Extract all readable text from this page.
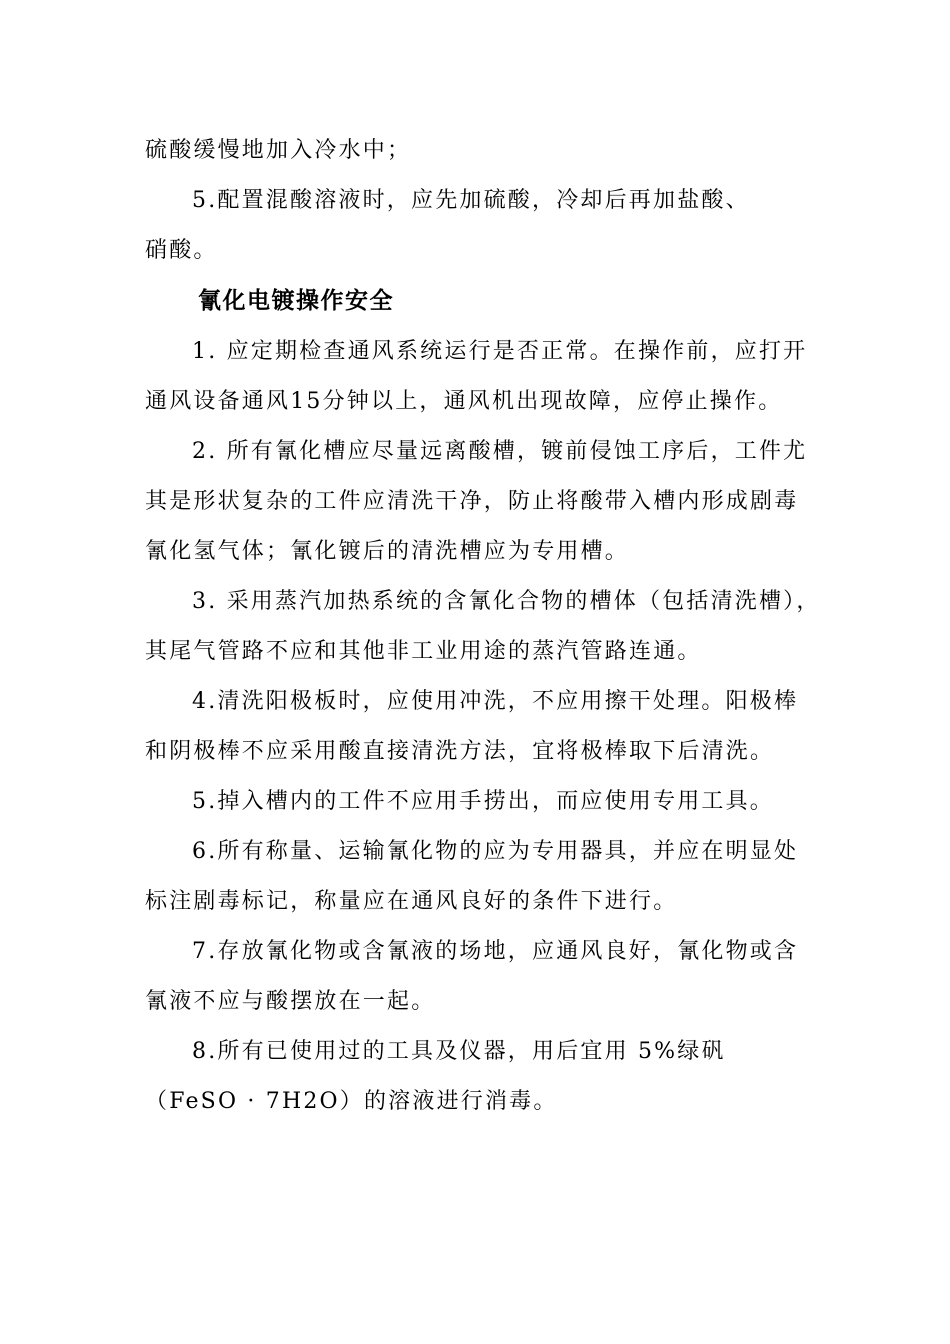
硫酸缓慢地加入冷水中；
5.配置混酸溶液时，应先加硫酸，冷却后再加盐酸、
硝酸。
氰化电镀操作安全
1. 应定期检查通风系统运行是否正常。在操作前，应打开
通风设备通风15分钟以上，通风机出现故障，应停止操作。
2. 所有氰化槽应尽量远离酸槽，镀前侵蚀工序后，工件尤
其是形状复杂的工件应清洗干净，防止将酸带入槽内形成剧毒
氰化氢气体；氰化镀后的清洗槽应为专用槽。
3. 采用蒸汽加热系统的含氰化合物的槽体（包括清洗槽），
其尾气管路不应和其他非工业用途的蒸汽管路连通。
4.清洗阳极板时，应使用冲洗，不应用擦干处理。阳极棒
和阴极棒不应采用酸直接清洗方法，宜将极棒取下后清洗。
5.掉入槽内的工件不应用手捞出，而应使用专用工具。
6.所有称量、运输氰化物的应为专用器具，并应在明显处
标注剧毒标记，称量应在通风良好的条件下进行。
7.存放氰化物或含氰液的场地，应通风良好，氰化物或含
氰液不应与酸摆放在一起。
8.所有已使用过的工具及仪器，用后宜用 5%绿矾
（FeSO · 7H2O）的溶液进行消毒。
